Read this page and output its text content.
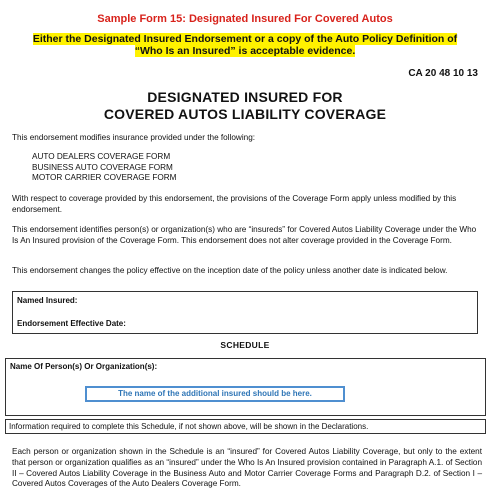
Sample Form 15: Designated Insured For Covered Autos
Either the Designated Insured Endorsement or a copy of the Auto Policy Definition of “Who Is an Insured” is acceptable evidence.
CA 20 48 10 13
DESIGNATED INSURED FOR
COVERED AUTOS LIABILITY COVERAGE
This endorsement modifies insurance provided under the following:
AUTO DEALERS COVERAGE FORM
BUSINESS AUTO COVERAGE FORM
MOTOR CARRIER COVERAGE FORM
With respect to coverage provided by this endorsement, the provisions of the Coverage Form apply unless modified by this endorsement.
This endorsement identifies person(s) or organization(s) who are “insureds” for Covered Autos Liability Coverage under the Who Is An Insured provision of the Coverage Form. This endorsement does not alter coverage provided in the Coverage Form.
This endorsement changes the policy effective on the inception date of the policy unless another date is indicated below.
Named Insured:
Endorsement Effective Date:
SCHEDULE
Name Of Person(s) Or Organization(s):
The name of the additional insured should be here.
Information required to complete this Schedule, if not shown above, will be shown in the Declarations.
Each person or organization shown in the Schedule is an “insured” for Covered Autos Liability Coverage, but only to the extent that person or organization qualifies as an “insured” under the Who Is An Insured provision contained in Paragraph A.1. of Section II – Covered Autos Liability Coverage in the Business Auto and Motor Carrier Coverage Forms and Paragraph D.2. of Section I – Covered Autos Coverages of the Auto Dealers Coverage Form.
